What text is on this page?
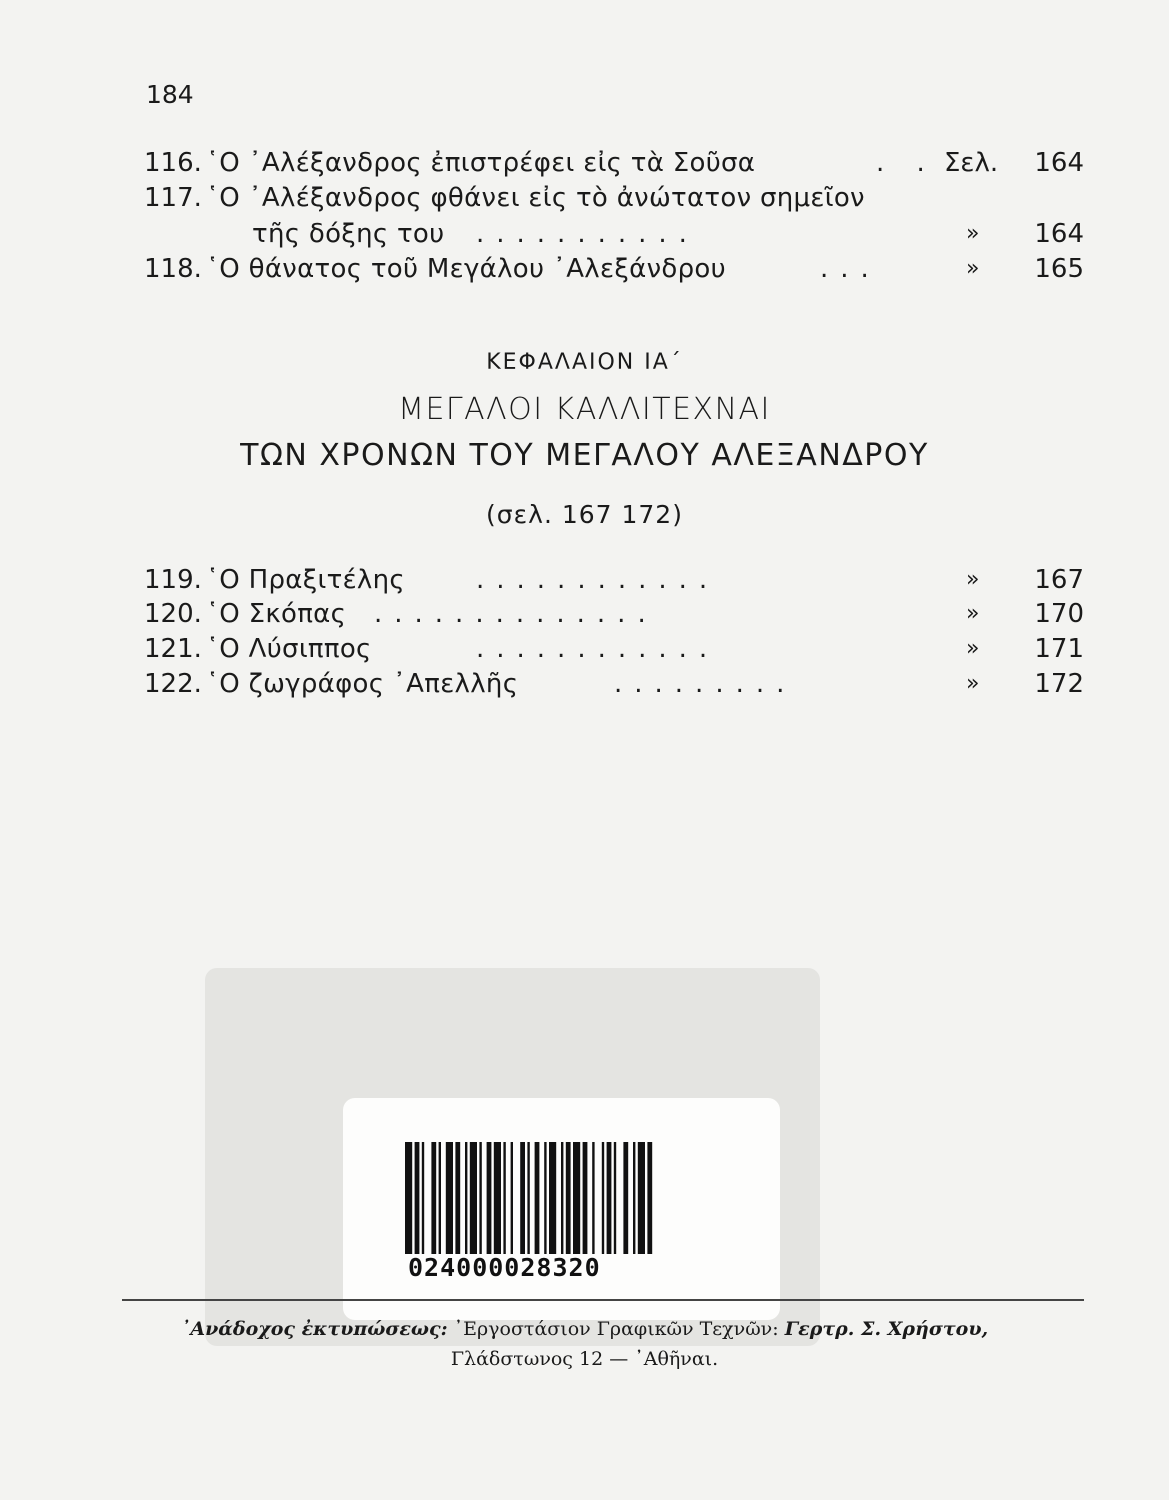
184
116. ῾Ο ᾿Αλέξανδρος ἐπιστρέφει εἰς τὰ Σοῦσα	. . Σελ. 164
117. ῾Ο ᾿Αλέξανδρος φθάνει εἰς τὸ ἀνώτατον σημεῖον
τῆς δόξης του ...........	» 164
118. ῾Ο θάνατος τοῦ Μεγάλου ᾿Αλεξάνδρου	...	» 165
ΚΕΦΑΛΑΙΟΝ ΙΑ΄
ΜΕΓΑΛΟΙ ΚΑΛΛΙΤΕΧΝΑΙ
ΤΩΝ ΧΡΟΝΩΝ ΤΟΥ ΜΕΓΑΛΟΥ ΑΛΕΞΑΝΔΡΟΥ
(σελ. 167 172)
119. ῾Ο Πραξιτέλης	............	» 167
120. ῾Ο Σκόπας ..............	» 170
121. ῾Ο Λύσιππος	............	» 171
122. ῾Ο ζωγράφος ᾿Απελλῆς	.........	» 172
024000028320
᾿Ανάδοχος ἐκτυπώσεως: ᾿Εργοστάσιον Γραφικῶν Τεχνῶν: Γερτρ. Σ. Χρήστου,
Γλάδστωνος 12 — ᾿Αθῆναι.
